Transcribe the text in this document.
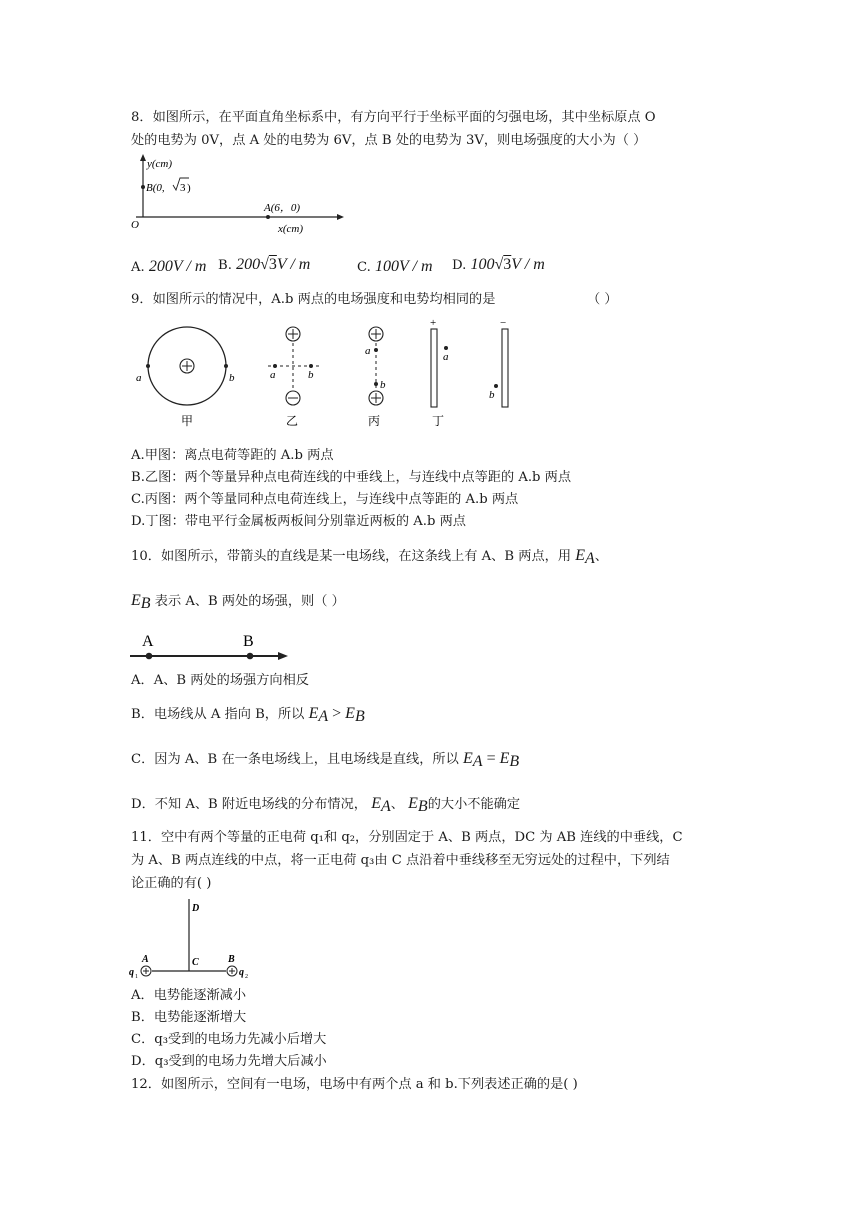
8．如图所示，在平面直角坐标系中，有方向平行于坐标平面的匀强电场，其中坐标原点 O
处的电势为 0V，点 A 处的电势为 6V，点 B 处的电势为 3V，则电场强度的大小为（ ）
y(cm)
x(cm)
O
B(0, 3 )
A(6，0)
A. 200V / m B. 200√3V / m	C. 100V / m D. 100√3V / m
9．如图所示的情况中，A.b 两点的电场强度和电势均相同的是	（ ）
a	b
甲
a	b
乙
a
b
丙
+
a
−
b
丁
A.甲图：离点电荷等距的 A.b 两点
B.乙图：两个等量异种点电荷连线的中垂线上，与连线中点等距的 A.b 两点
C.丙图：两个等量同种点电荷连线上，与连线中点等距的 A.b 两点
D.丁图：带电平行金属板两板间分别靠近两板的 A.b 两点
10．如图所示，带箭头的直线是某一电场线，在这条线上有 A、B 两点，用 $E_A$、
$E_B$ 表示 A、B 两处的场强，则（ ）
A	B
A．A、B 两处的场强方向相反
B．电场线从 A 指向 B，所以 $E_A > E_B$
C．因为 A、B 在一条电场线上，且电场线是直线，所以 $E_A = E_B$
D．不知 A、B 附近电场线的分布情况， $E_A$、 $E_B$的大小不能确定
11．空中有两个等量的正电荷 q₁和 q₂，分别固定于 A、B 两点，DC 为 AB 连线的中垂线，C
为 A、B 两点连线的中点，将一正电荷 q₃由 C 点沿着中垂线移至无穷远处的过程中，下列结
论正确的有( )
D
C
A	B
q 1	q 2
A．电势能逐渐减小
B．电势能逐渐增大
C．q₃受到的电场力先减小后增大
D．q₃受到的电场力先增大后减小
12．如图所示，空间有一电场，电场中有两个点 a 和 b.下列表述正确的是( )
